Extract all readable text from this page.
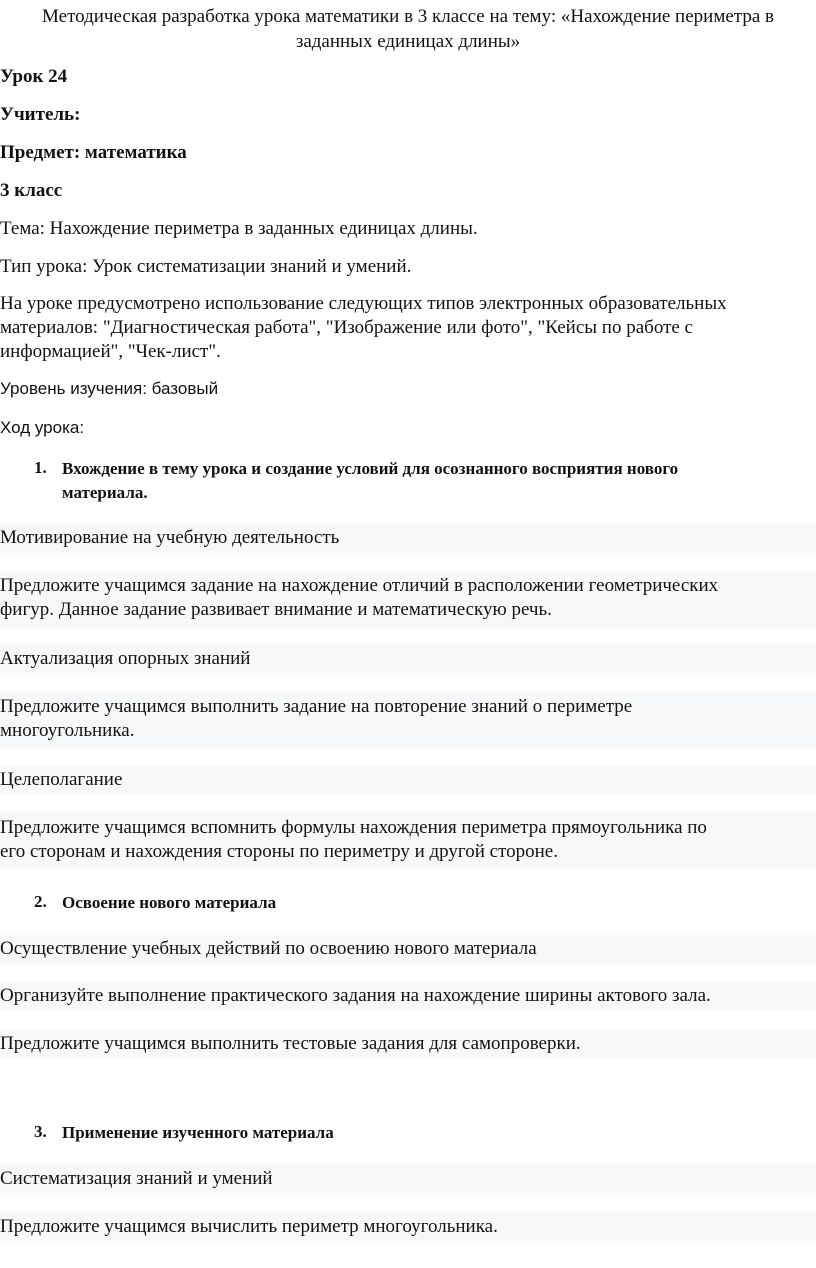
Методическая разработка урока математики в 3 классе на тему: «Нахождение периметра в
заданных единицах длины»
Урок 24
Учитель:
Предмет: математика
3 класс
Тема: Нахождение периметра в заданных единицах длины.
Тип урока: Урок систематизации знаний и умений.
На уроке предусмотрено использование следующих типов электронных образовательных
материалов: "Диагностическая работа", "Изображение или фото", "Кейсы по работе с
информацией", "Чек-лист".
Уровень изучения: базовый
Ход урока:
1. Вхождение в тему урока и создание условий для осознанного восприятия нового
материала.
Мотивирование на учебную деятельность
Предложите учащимся задание на нахождение отличий в расположении геометрических
фигур. Данное задание развивает внимание и математическую речь.
Актуализация опорных знаний
Предложите учащимся выполнить задание на повторение знаний о периметре
многоугольника.
Целеполагание
Предложите учащимся вспомнить формулы нахождения периметра прямоугольника по
его сторонам и нахождения стороны по периметру и другой стороне.
2. Освоение нового материала
Осуществление учебных действий по освоению нового материала
Организуйте выполнение практического задания на нахождение ширины актового зала.
Предложите учащимся выполнить тестовые задания для самопроверки.
3. Применение изученного материала
Систематизация знаний и умений
Предложите учащимся вычислить периметр многоугольника.
